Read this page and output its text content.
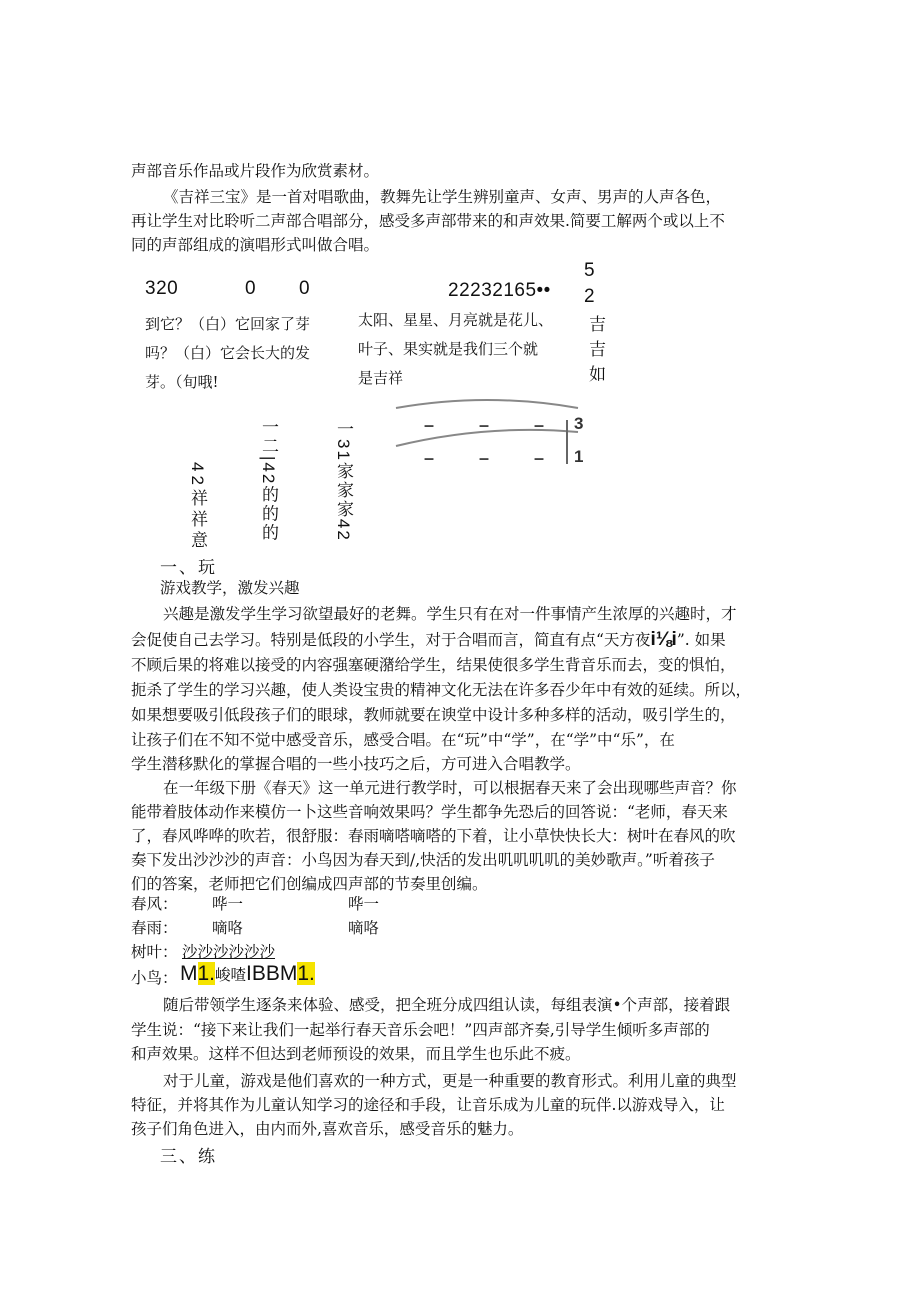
声部音乐作品或片段作为欣赏素材。
《吉祥三宝》是一首对唱歌曲，教舞先让学生辨别童声、女声、男声的人声各色，
再让学生对比聆听二声部合唱部分，感受多声部带来的和声效果.简要工解两个或以上不
同的声部组成的演唱形式叫做合唱。
320	0 0	22232165••
5
2
到它？（白）它回家了芽
吗？（白）它会长大的发
芽。（旬哦!
太阳、星星、月亮就是花儿、
叶子、果实就是我们三个就
是吉祥	吉吉如
– – –
– – –
3
1
42祥祥意	一二|42的的的	一31家家家42
一、玩
游戏教学，激发兴趣
兴趣是激发学生学习欲望最好的老舞。学生只有在对一件事情产生浓厚的兴趣时，才
会促使自己去学习。特别是低段的小学生，对于合唱而言，简直有点“天方夜i⅛i”. 如果
不顾后果的将难以接受的内容强塞硬潴给学生，结果使很多学生背音乐而去，变的惧怕，
扼杀了学生的学习兴趣，使人类设宝贵的精神文化无法在许多吞少年中有效的延续。所以，
如果想要吸引低段孩子们的眼球，教师就要在谀堂中设计多种多样的活动，吸引学生的，
让孩子们在不知不觉中感受音乐，感受合唱。在“玩”中“学”，在“学”中“乐”，在
学生潜移默化的掌握合唱的一些小技巧之后，方可进入合唱教学。
在一年级下册《春天》这一单元进行教学时，可以根据春天来了会出现哪些声音？你
能带着肢体动作来模仿一卜这些音响效果吗？学生都争先恐后的回答说：“老师，春天来
了，春风哗哗的吹若，很舒服：春雨嘀嗒嘀嗒的下着，让小草快快长大：树叶在春风的吹
奏下发出沙沙沙的声音：小鸟因为春天到/,快活的发出叽叽叽叽的美妙歌声。”听着孩子
们的答案，老师把它们创编成四声部的节奏里创编。
春风： 哗一	哗一
春雨： 嘀咯	嘀咯
树叶： 沙沙沙沙沙沙
小鸟： M1.峻喳IBBM1.
随后带领学生逐条来体验、感受，把全班分成四组认读，每组表演•个声部，接着跟
学生说：“接下来让我们一起举行春天音乐会吧！”四声部齐奏,引导学生倾听多声部的
和声效果。这样不但达到老师预设的效果，而且学生也乐此不疲。
对于儿童，游戏是他们喜欢的一种方式，更是一种重要的教育形式。利用儿童的典型
特征，并将其作为儿童认知学习的途径和手段，让音乐成为儿童的玩伴.以游戏导入，让
孩子们角色进入，由内而外,喜欢音乐，感受音乐的魅力。
三、练
